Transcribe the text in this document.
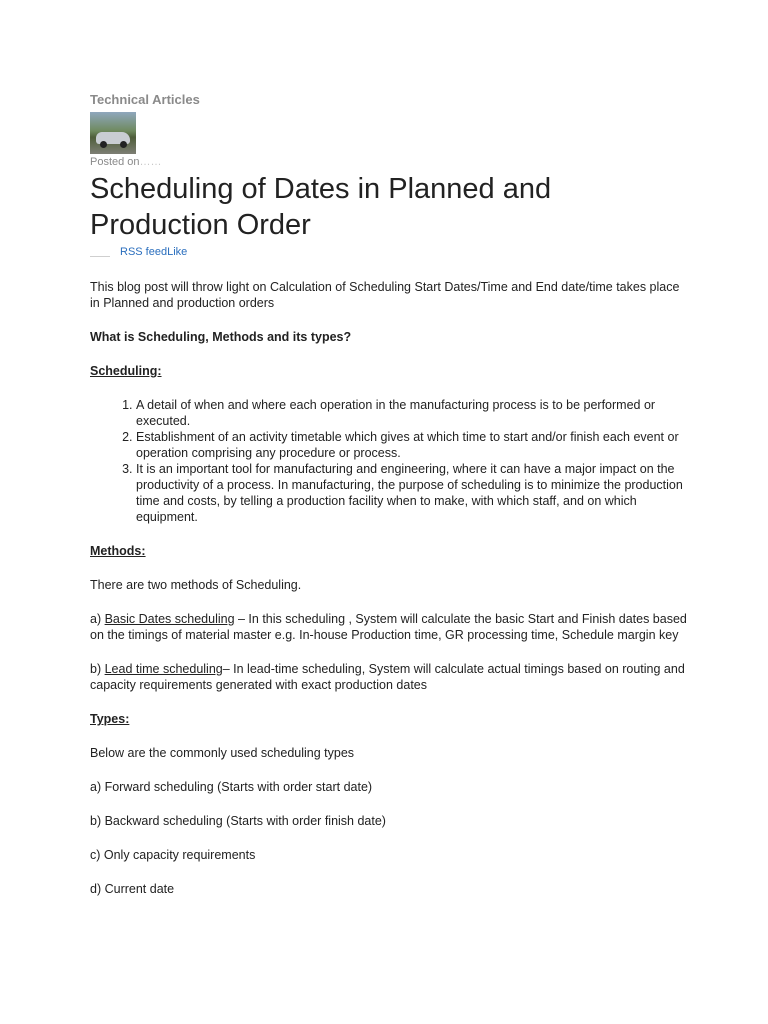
Technical Articles

Posted on……

Scheduling of Dates in Planned and Production Order
RSS feedLike

This blog post will throw light on Calculation of Scheduling Start Dates/Time and End date/time takes place in Planned and production orders

What is Scheduling, Methods and its types?

Scheduling:

1. A detail of when and where each operation in the manufacturing process is to be performed or executed.
2. Establishment of an activity timetable which gives at which time to start and/or finish each event or operation comprising any procedure or process.
3. It is an important tool for manufacturing and engineering, where it can have a major impact on the productivity of a process. In manufacturing, the purpose of scheduling is to minimize the production time and costs, by telling a production facility when to make, with which staff, and on which equipment.

Methods:

There are two methods of Scheduling.

a) Basic Dates scheduling – In this scheduling , System will calculate the basic Start and Finish dates based on the timings of material master e.g. In-house Production time, GR processing time, Schedule margin key

b) Lead time scheduling– In lead-time scheduling, System will calculate actual timings based on routing and capacity requirements generated with exact production dates

Types:

Below are the commonly used scheduling types

a) Forward scheduling (Starts with order start date)

b) Backward scheduling (Starts with order finish date)

c) Only capacity requirements

d) Current date
